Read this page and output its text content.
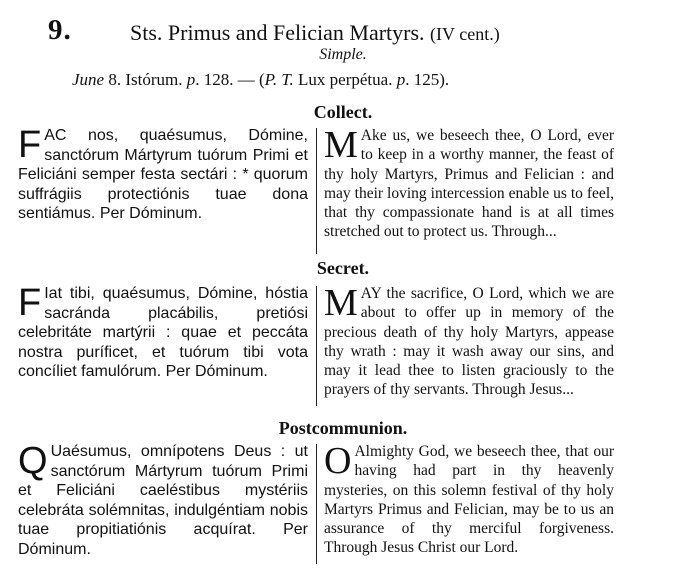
9.	Sts. Primus and Felician Martyrs. (IV cent.)
Simple.
June 8. Istórum. p. 128. — (P. T. Lux perpétua. p. 125).
Collect.
FAC nos, quaésumus, Dómine, sanctórum Mártyrum tuórum Primi et Feliciáni semper festa sectári : * quorum suffrágiis protectiónis tuae dona sentiámus. Per Dóminum.
M Ake us, we beseech thee, O Lord, ever to keep in a worthy manner, the feast of thy holy Martyrs, Primus and Felician : and may their loving intercession enable us to feel, that thy compassionate hand is at all times stretched out to protect us. Through...
Secret.
F Iat tibi, quaésumus, Dómine, hóstia sacránda placábilis, pretiósi celebritáte martýrii : quae et peccáta nostra puríficet, et tuórum tibi vota concíliet famulórum. Per Dóminum.
MAY the sacrifice, O Lord, which we are about to offer up in memory of the precious death of thy holy Martyrs, appease thy wrath : may it wash away our sins, and may it lead thee to listen graciously to the prayers of thy servants. Through Jesus...
Postcommunion.
Q Uaésumus, omnípotens Deus : ut sanctórum Mártyrum tuórum Primi et Feliciáni caeléstibus mystériis celebráta solémnitas, indulgéntiam nobis tuae propitiatiónis acquírat. Per Dóminum.
O Almighty God, we beseech thee, that our having had part in thy heavenly mysteries, on this solemn festival of thy holy Martyrs Primus and Felician, may be to us an assurance of thy merciful forgiveness. Through Jesus Christ our Lord.
